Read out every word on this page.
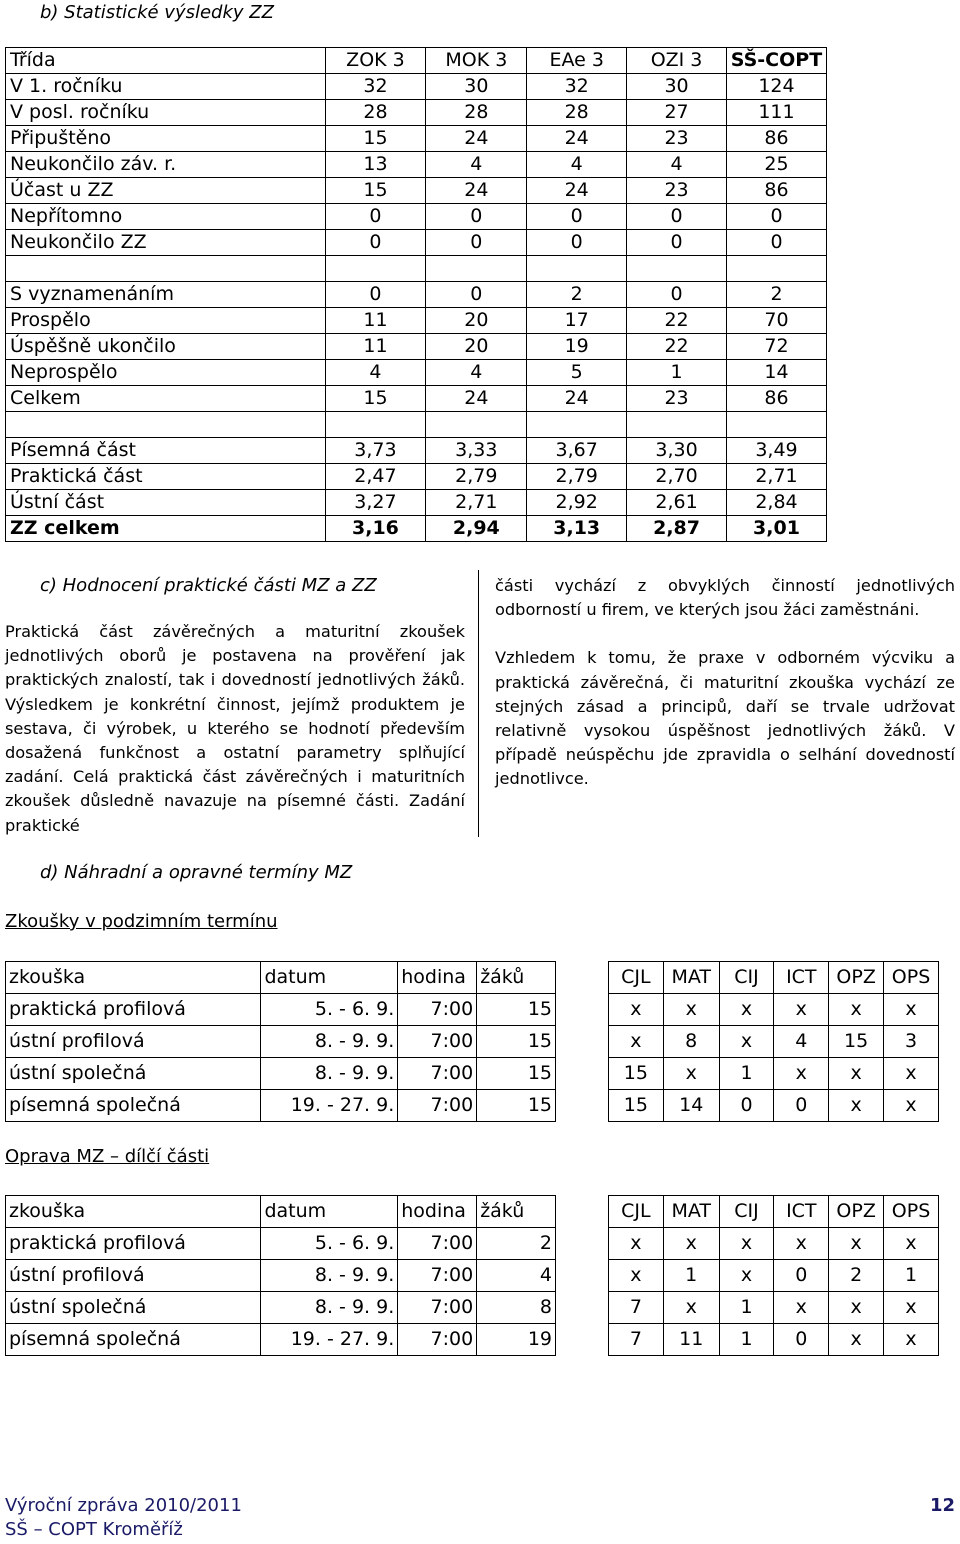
b) Statistické výsledky ZZ
Třída	ZOK 3	MOK 3	EAe 3	OZI 3	SŠ-COPT
V 1. ročníku	32	30	32	30	124
V posl. ročníku	28	28	28	27	111
Připuštěno	15	24	24	23	86
Neukončilo záv. r.	13	4	4	4	25
Účast u ZZ	15	24	24	23	86
Nepřítomno	0	0	0	0	0
Neukončilo ZZ	0	0	0	0	0

S vyznamenáním	0	0	2	0	2
Prospělo	11	20	17	22	70
Úspěšně ukončilo	11	20	19	22	72
Neprospělo	4	4	5	1	14
Celkem	15	24	24	23	86

Písemná část	3,73	3,33	3,67	3,30	3,49
Praktická část	2,47	2,79	2,79	2,70	2,71
Ústní část	3,27	2,71	2,92	2,61	2,84
ZZ celkem	3,16	2,94	3,13	2,87	3,01
c) Hodnocení praktické části MZ a ZZ

Praktická část závěrečných a maturitní zkoušek jednotlivých oborů je postavena na prověření jak praktických znalostí, tak i dovedností jednotlivých žáků. Výsledkem je konkrétní činnost, jejímž produktem je sestava, či výrobek, u kterého se hodnotí především dosažená funkčnost a ostatní parametry splňující zadání. Celá praktická část závěrečných i maturitních zkoušek důsledně navazuje na písemné části. Zadání praktické

části vychází z obvyklých činností jednotlivých odborností u firem, ve kterých jsou žáci zaměstnáni.

Vzhledem k tomu, že praxe v odborném výcviku a praktická závěrečná, či maturitní zkouška vychází ze stejných zásad a principů, daří se trvale udržovat relativně vysokou úspěšnost jednotlivých žáků. V případě neúspěchu jde zpravidla o selhání dovedností jednotlivce.

d) Náhradní a opravné termíny MZ
Zkoušky v podzimním termínu
zkouška	datum	hodina	žáků
praktická profilová	5. - 6. 9.	7:00	15
ústní profilová	8. - 9. 9.	7:00	15
ústní společná	8. - 9. 9.	7:00	15
písemná společná	19. - 27. 9.	7:00	15
CJL	MAT	CIJ	ICT	OPZ	OPS
x	x	x	x	x	x
x	8	x	4	15	3
15	x	1	x	x	x
15	14	0	0	x	x
Oprava MZ – dílčí části
zkouška	datum	hodina	žáků
praktická profilová	5. - 6. 9.	7:00	2
ústní profilová	8. - 9. 9.	7:00	4
ústní společná	8. - 9. 9.	7:00	8
písemná společná	19. - 27. 9.	7:00	19
CJL	MAT	CIJ	ICT	OPZ	OPS
x	x	x	x	x	x
x	1	x	0	2	1
7	x	1	x	x	x
7	11	1	0	x	x
Výroční zpráva 2010/2011
SŠ – COPT Kroměříž
12
